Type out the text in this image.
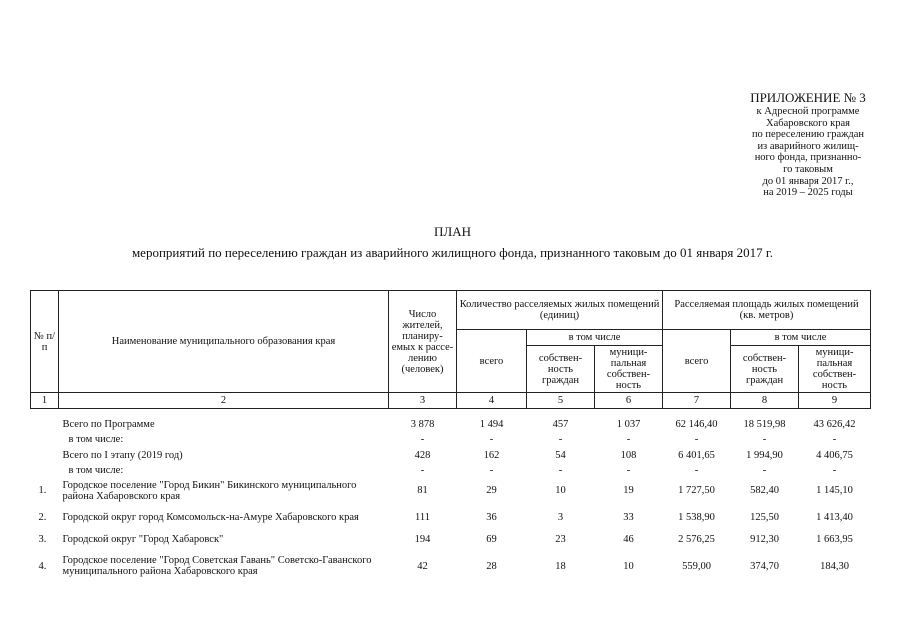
ПРИЛОЖЕНИЕ № 3
к Адресной программе
Хабаровского края
по переселению граждан
из аварийного жилищ-
ного фонда, признанно-
го таковым
до 01 января 2017 г.,
на 2019 – 2025 годы
ПЛАН
мероприятий по переселению граждан из аварийного жилищного фонда, признанного таковым до 01 января 2017 г.
№ п/п	Наименование муниципального образования края	Число жителей, планиру-емых к рассе-лению (человек)	Количество расселяемых жилых помещений (единиц)			Расселяемая площадь жилых помещений (кв. метров)		
			всего	в том числе		всего	в том числе	
				собствен-ность граждан	муници-пальная собствен-ность		собствен-ность граждан	муници-пальная собствен-ность
1	2	3	4	5	6	7	8	9

	Всего по Программе	3 878	1 494	457	1 037	62 146,40	18 519,98	43 626,42
	в том числе:	-	-	-	-	-	-	-
	Всего по I этапу (2019 год)	428	162	54	108	6 401,65	1 994,90	4 406,75
	в том числе:	-	-	-	-	-	-	-
1.	Городское поселение "Город Бикин" Бикинского муниципального района Хабаровского края	81	29	10	19	1 727,50	582,40	1 145,10
2.	Городской округ город Комсомольск-на-Амуре Хабаровского края	111	36	3	33	1 538,90	125,50	1 413,40
3.	Городской округ "Город Хабаровск"	194	69	23	46	2 576,25	912,30	1 663,95
4.	Городское поселение "Город Советская Гавань" Советско-Гаванского муниципального района Хабаровского края	42	28	18	10	559,00	374,70	184,30
